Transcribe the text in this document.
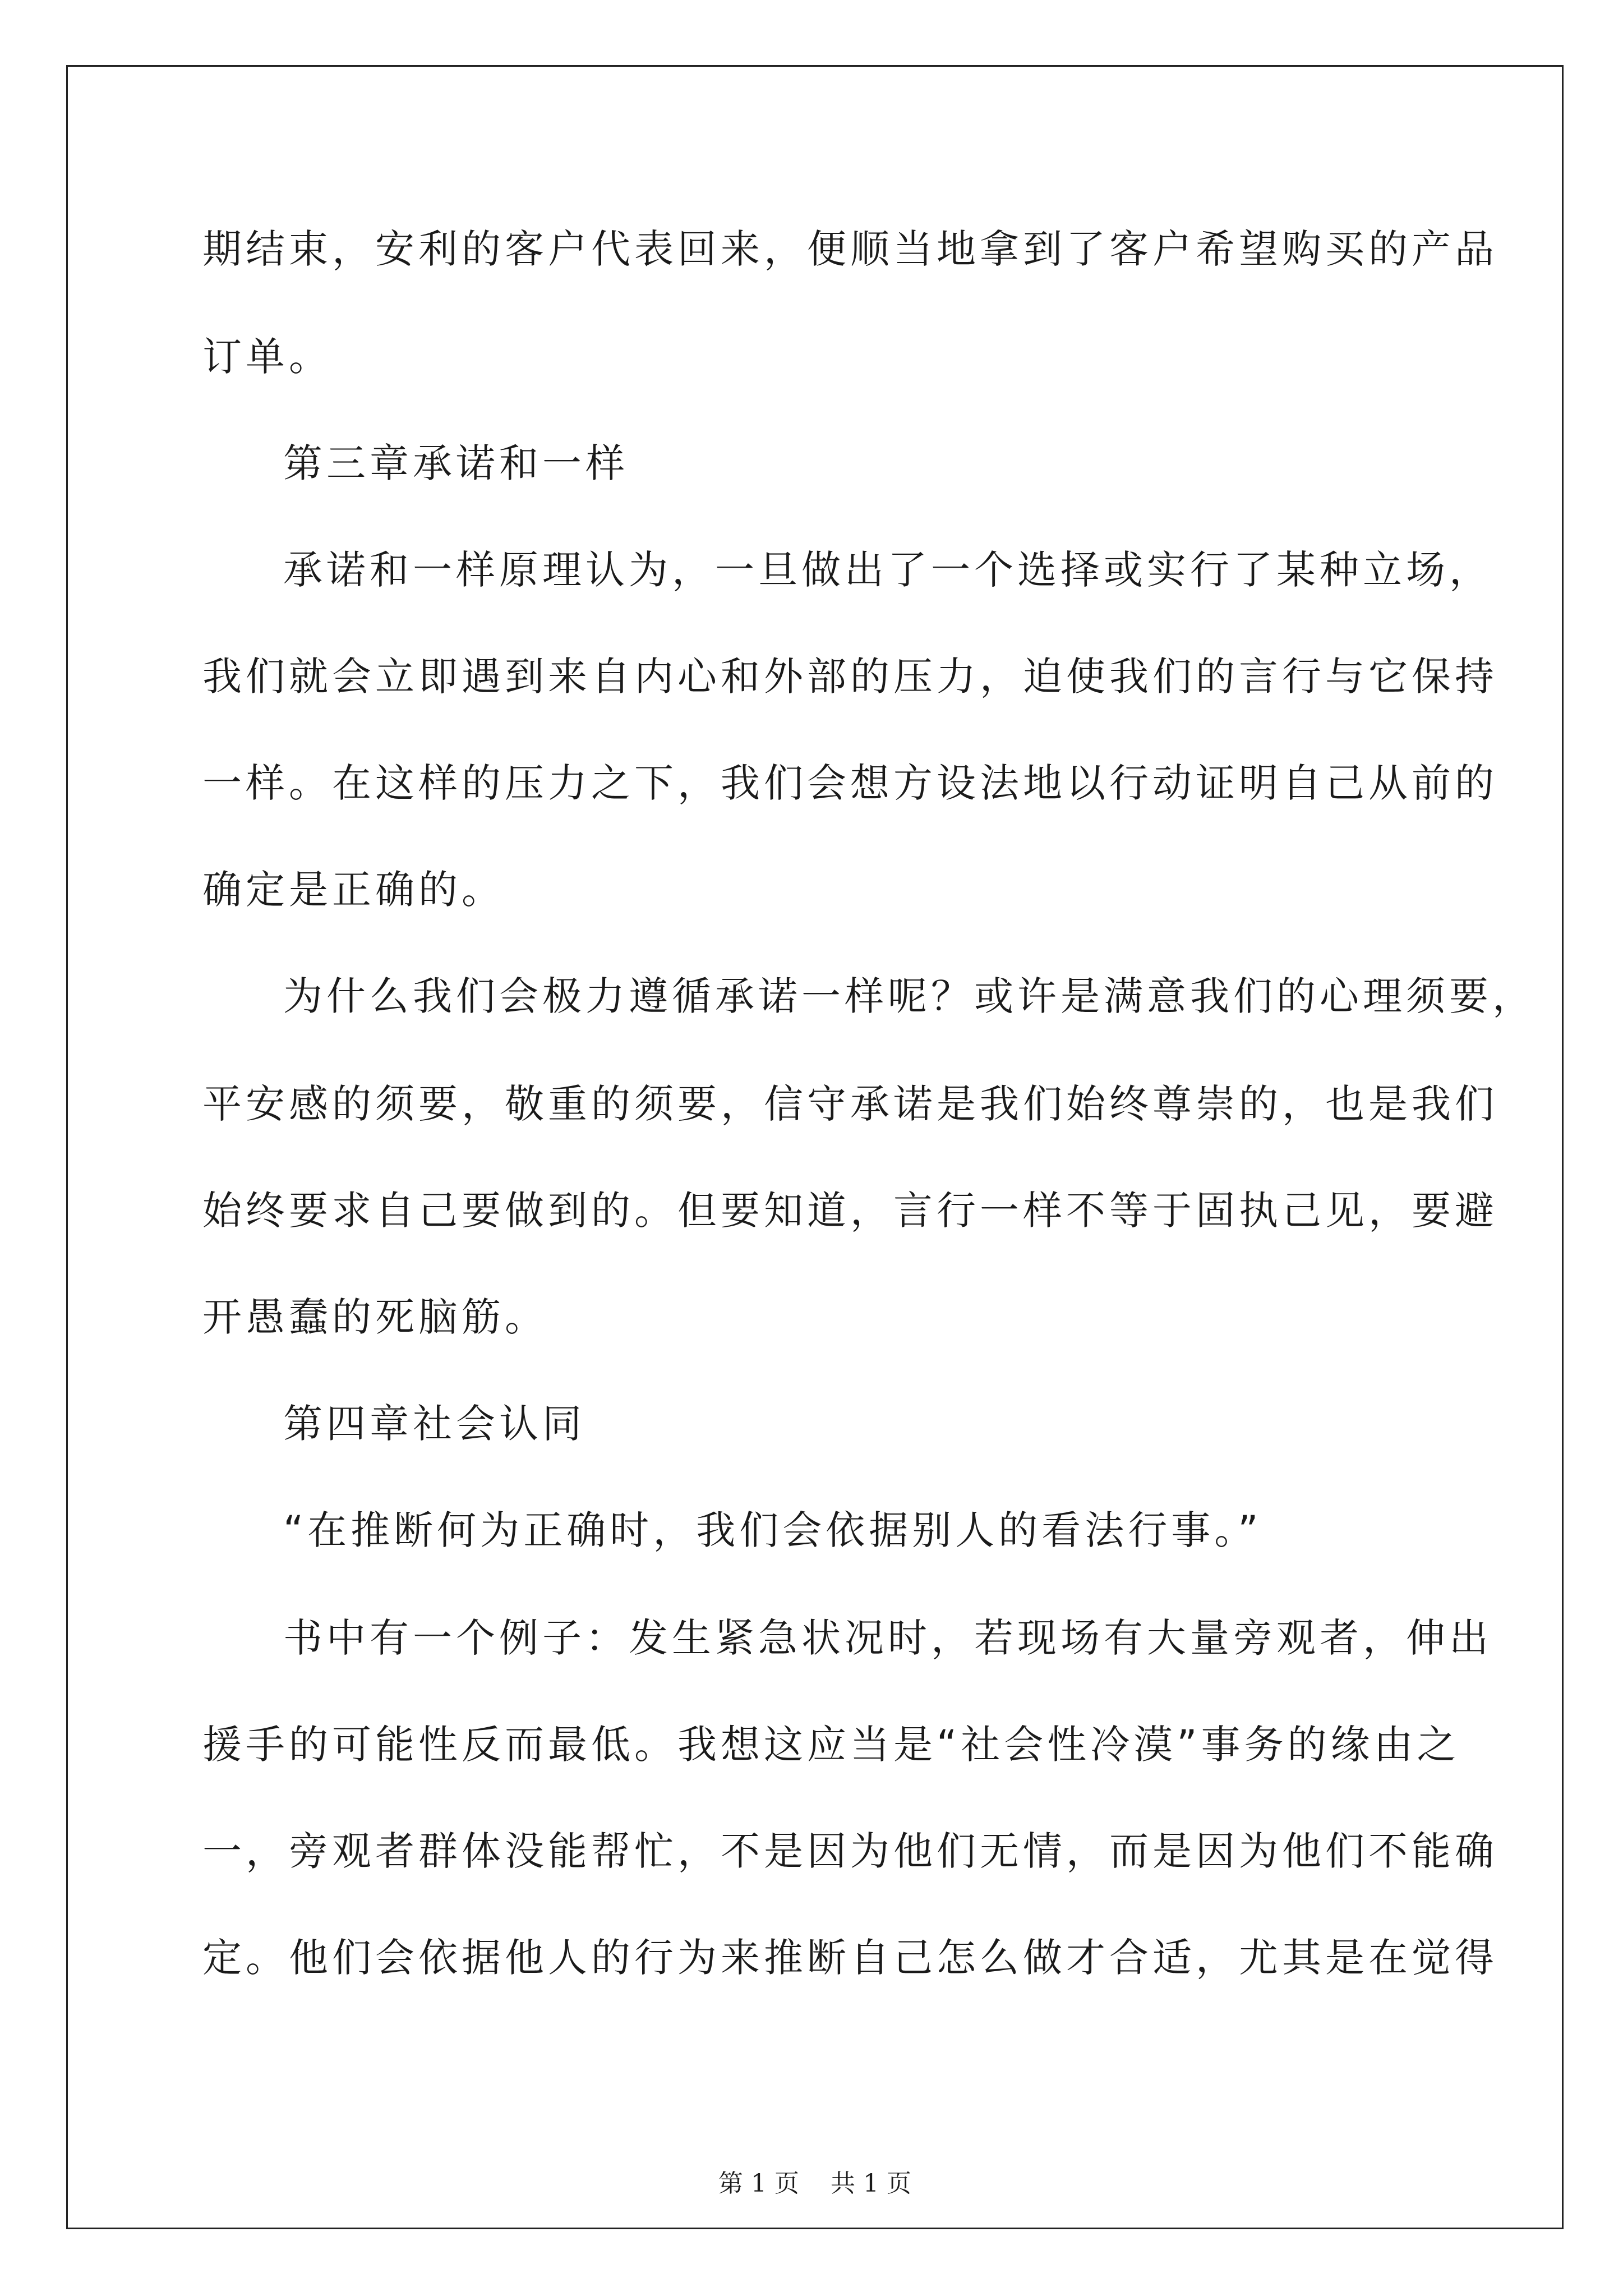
期结束，安利的客户代表回来，便顺当地拿到了客户希望购买的产品
订单。
第三章承诺和一样
承诺和一样原理认为，一旦做出了一个选择或实行了某种立场，
我们就会立即遇到来自内心和外部的压力，迫使我们的言行与它保持
一样。在这样的压力之下，我们会想方设法地以行动证明自己从前的
确定是正确的。
为什么我们会极力遵循承诺一样呢？或许是满意我们的心理须要，
平安感的须要，敬重的须要，信守承诺是我们始终尊崇的，也是我们
始终要求自己要做到的。但要知道，言行一样不等于固执己见，要避
开愚蠢的死脑筋。
第四章社会认同
“在推断何为正确时，我们会依据别人的看法行事。”
书中有一个例子：发生紧急状况时，若现场有大量旁观者，伸出
援手的可能性反而最低。我想这应当是“社会性冷漠”事务的缘由之
一，旁观者群体没能帮忙，不是因为他们无情，而是因为他们不能确
定。他们会依据他人的行为来推断自己怎么做才合适，尤其是在觉得
第 1 页 共 1 页
